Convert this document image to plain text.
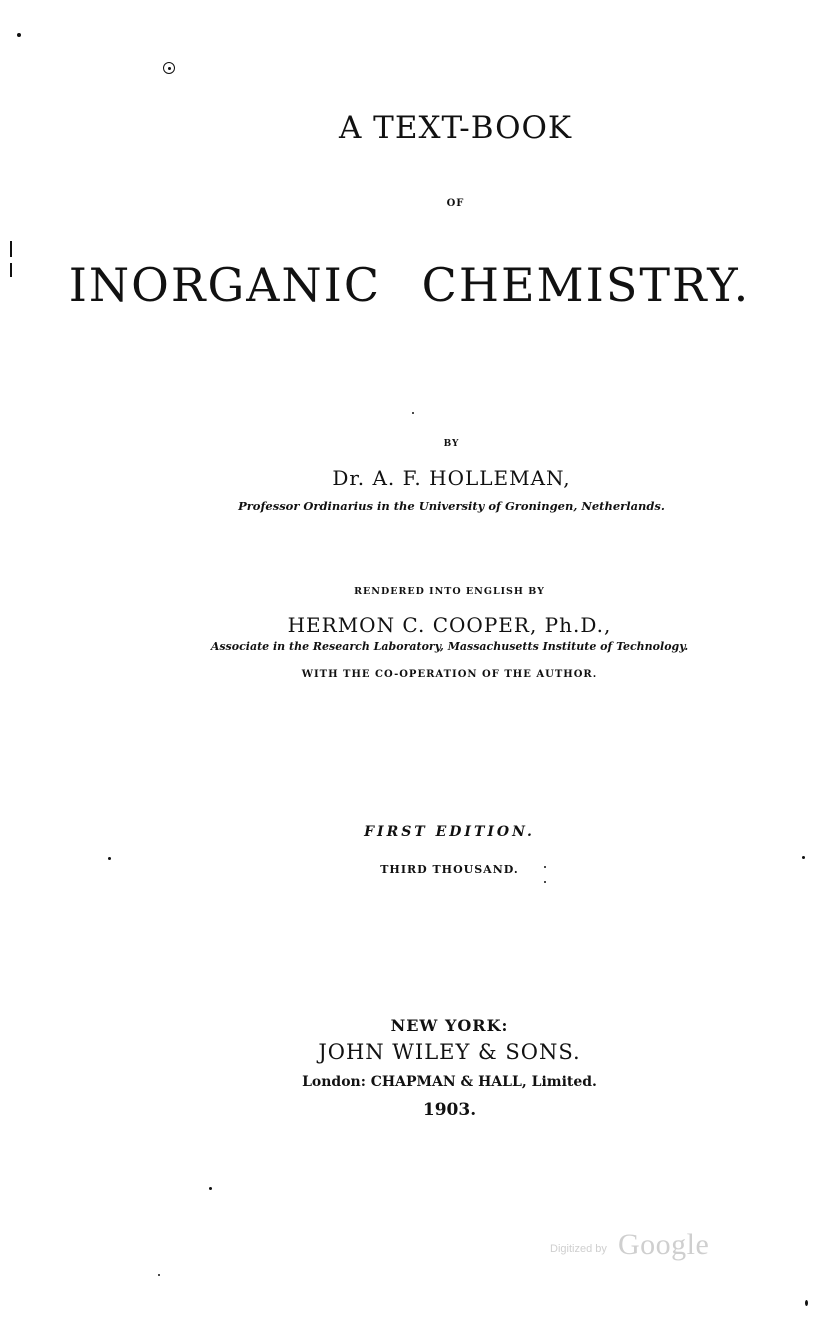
A TEXT-BOOK
OF
INORGANIC CHEMISTRY.
BY
Dr. A. F. HOLLEMAN,
Professor Ordinarius in the University of Groningen, Netherlands.
RENDERED INTO ENGLISH BY
HERMON C. COOPER, Ph.D.,
Associate in the Research Laboratory, Massachusetts Institute of Technology.
WITH THE CO-OPERATION OF THE AUTHOR.
FIRST EDITION.
THIRD THOUSAND.
NEW YORK:
JOHN WILEY & SONS.
London: CHAPMAN & HALL, Limited.
1903.
Digitized by Google
